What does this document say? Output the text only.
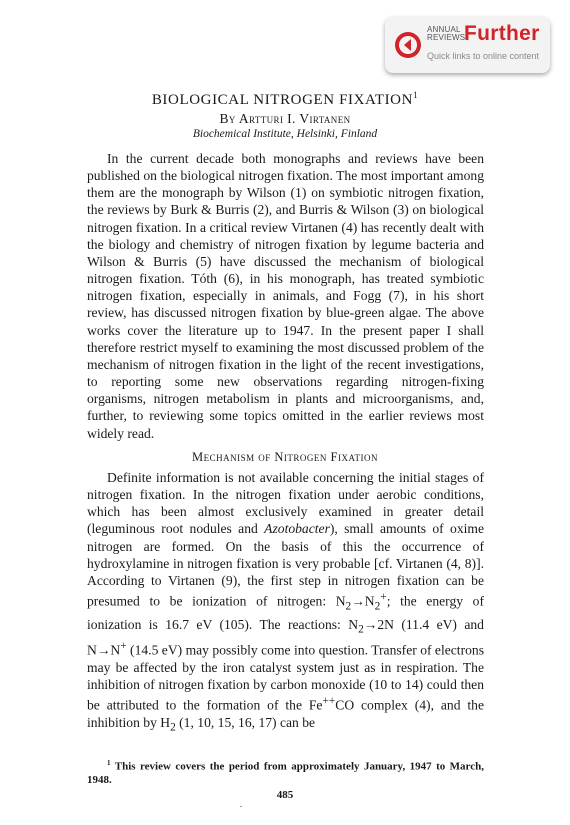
ANNUAL
REVIEWS
Further
Quick links to online content
BIOLOGICAL NITROGEN FIXATION$^1$
By Artturi I. Virtanen
Biochemical Institute, Helsinki, Finland

In the current decade both monographs and reviews have been published on the biological nitrogen fixation. The most important among them are the monograph by Wilson (1) on symbiotic nitrogen fixation, the reviews by Burk & Burris (2), and Burris & Wilson (3) on biological nitrogen fixation. In a critical review Virtanen (4) has recently dealt with the biology and chemistry of nitrogen fixation by legume bacteria and Wilson & Burris (5) have discussed the mechanism of biological nitrogen fixation. Tóth (6), in his monograph, has treated symbiotic nitrogen fixation, especially in animals, and Fogg (7), in his short review, has discussed nitrogen fixation by blue-green algae. The above works cover the literature up to 1947. In the present paper I shall therefore restrict myself to examining the most discussed problem of the mechanism of nitrogen fixation in the light of the recent investigations, to reporting some new observations regarding nitrogen-fixing organisms, nitrogen metabolism in plants and microorganisms, and, further, to reviewing some topics omitted in the earlier reviews most widely read.

Mechanism of Nitrogen Fixation

Definite information is not available concerning the initial stages of nitrogen fixation. In the nitrogen fixation under aerobic conditions, which has been almost exclusively examined in greater detail (leguminous root nodules and Azotobacter), small amounts of oxime nitrogen are formed. On the basis of this the occurrence of hydroxylamine in nitrogen fixation is very probable [cf. Virtanen (4, 8)]. According to Virtanen (9), the first step in nitrogen fixation can be presumed to be ionization of nitrogen: $N_2\to N_2^+$; the energy of ionization is 16.7 eV (105). The reactions: $N_2\to 2N$ (11.4 eV) and N→N+ (14.5 eV) may possibly come into question. Transfer of electrons may be affected by the iron catalyst system just as in respiration. The inhibition of nitrogen fixation by carbon monoxide (10 to 14) could then be attributed to the formation of the Fe++CO complex (4), and the inhibition by $H_2$ (1, 10, 15, 16, 17) can be

$^1$ This review covers the period from approximately January, 1947 to March, 1948.

485
